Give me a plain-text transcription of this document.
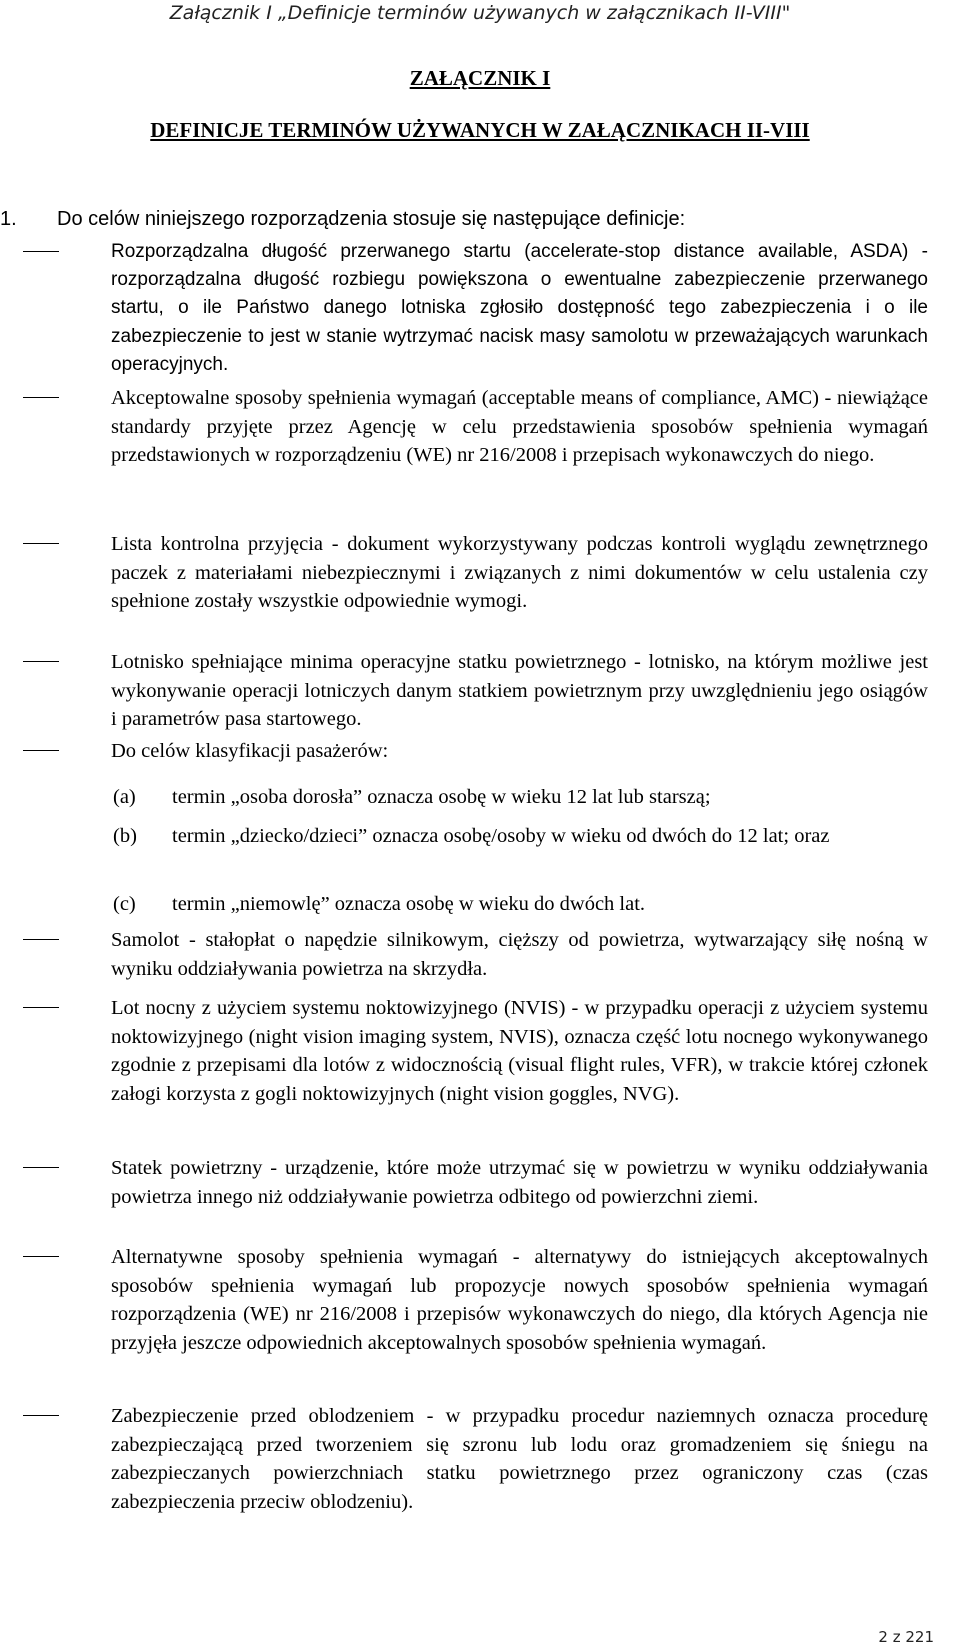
Załącznik I „Definicje terminów używanych w załącznikach II-VIII"
ZAŁĄCZNIK I
DEFINICJE TERMINÓW UŻYWANYCH W ZAŁĄCZNIKACH II-VIII
1. Do celów niniejszego rozporządzenia stosuje się następujące definicje:
Rozporządzalna długość przerwanego startu (accelerate-stop distance available, ASDA) - rozporządzalna długość rozbiegu powiększona o ewentualne zabezpieczenie przerwanego startu, o ile Państwo danego lotniska zgłosiło dostępność tego zabezpieczenia i o ile zabezpieczenie to jest w stanie wytrzymać nacisk masy samolotu w przeważających warunkach operacyjnych.
Akceptowalne sposoby spełnienia wymagań (acceptable means of compliance, AMC) - niewiążące standardy przyjęte przez Agencję w celu przedstawienia sposobów spełnienia wymagań przedstawionych w rozporządzeniu (WE) nr 216/2008 i przepisach wykonawczych do niego.
Lista kontrolna przyjęcia - dokument wykorzystywany podczas kontroli wyglądu zewnętrznego paczek z materiałami niebezpiecznymi i związanych z nimi dokumentów w celu ustalenia czy spełnione zostały wszystkie odpowiednie wymogi.
Lotnisko spełniające minima operacyjne statku powietrznego - lotnisko, na którym możliwe jest wykonywanie operacji lotniczych danym statkiem powietrznym przy uwzględnieniu jego osiągów i parametrów pasa startowego.
Do celów klasyfikacji pasażerów:
(a) termin „osoba dorosła” oznacza osobę w wieku 12 lat lub starszą;
(b) termin „dziecko/dzieci” oznacza osobę/osoby w wieku od dwóch do 12 lat; oraz
(c) termin „niemowlę” oznacza osobę w wieku do dwóch lat.
Samolot - stałopłat o napędzie silnikowym, cięższy od powietrza, wytwarzający siłę nośną w wyniku oddziaływania powietrza na skrzydła.
Lot nocny z użyciem systemu noktowizyjnego (NVIS) - w przypadku operacji z użyciem systemu noktowizyjnego (night vision imaging system, NVIS), oznacza część lotu nocnego wykonywanego zgodnie z przepisami dla lotów z widocznością (visual flight rules, VFR), w trakcie której członek załogi korzysta z gogli noktowizyjnych (night vision goggles, NVG).
Statek powietrzny - urządzenie, które może utrzymać się w powietrzu w wyniku oddziaływania powietrza innego niż oddziaływanie powietrza odbitego od powierzchni ziemi.
Alternatywne sposoby spełnienia wymagań - alternatywy do istniejących akceptowalnych sposobów spełnienia wymagań lub propozycje nowych sposobów spełnienia wymagań rozporządzenia (WE) nr 216/2008 i przepisów wykonawczych do niego, dla których Agencja nie przyjęła jeszcze odpowiednich akceptowalnych sposobów spełnienia wymagań.
Zabezpieczenie przed oblodzeniem - w przypadku procedur naziemnych oznacza procedurę zabezpieczającą przed tworzeniem się szronu lub lodu oraz gromadzeniem się śniegu na zabezpieczanych powierzchniach statku powietrznego przez ograniczony czas (czas zabezpieczenia przeciw oblodzeniu).
2 z 221
